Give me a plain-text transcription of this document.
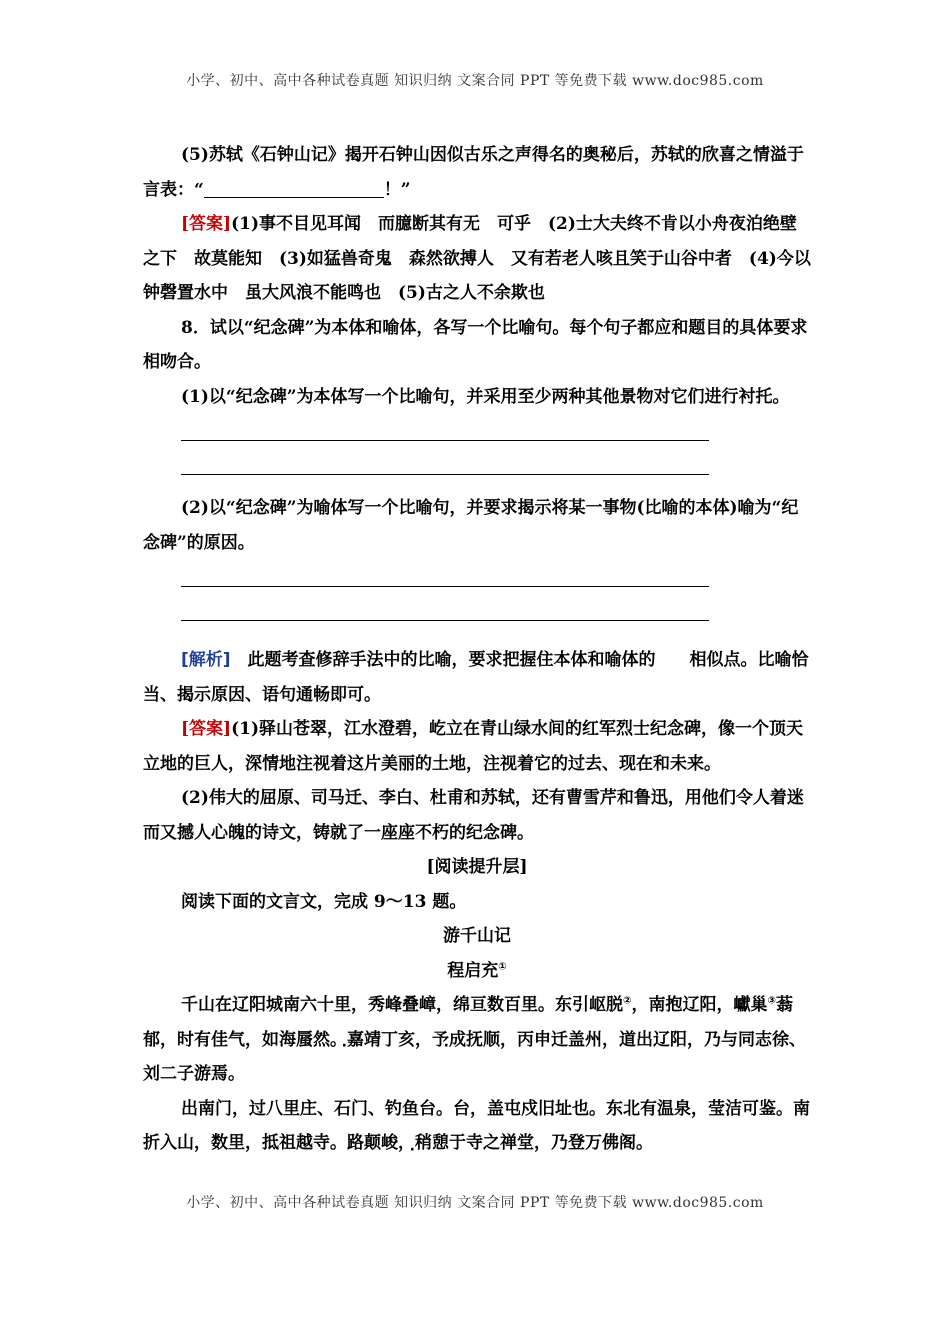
小学、初中、高中各种试卷真题 知识归纳 文案合同 PPT 等免费下载 www.doc985.com

(5)苏轼《石钟山记》揭开石钟山因似古乐之声得名的奥秘后，苏轼的欣喜之情溢于言表：“	！”

[答案](1)事不目见耳闻　而臆断其有无　可乎　(2)士大夫终不肯以小舟夜泊绝壁之下　故莫能知　(3)如猛兽奇鬼　森然欲搏人　又有若老人咳且笑于山谷中者　(4)今以钟磬置水中　虽大风浪不能鸣也　(5)古之人不余欺也

8．试以“纪念碑”为本体和喻体，各写一个比喻句。每个句子都应和题目的具体要求相吻合。

(1)以“纪念碑”为本体写一个比喻句，并采用至少两种其他景物对它们进行衬托。

(2)以“纪念碑”为喻体写一个比喻句，并要求揭示将某一事物(比喻的本体)喻为“纪念碑”的原因。

[解析]　 此题考查修辞手法中的比喻，要求把握住本体和喻体的　　相似点。比喻恰当、揭示原因、语句通畅即可。

[答案](1)驿山苍翠，江水澄碧，屹立在青山绿水间的红军烈士纪念碑，像一个顶天立地的巨人，深情地注视着这片美丽的土地，注视着它的过去、现在和未来。

(2)伟大的屈原、司马迁、李白、杜甫和苏轼，还有曹雪芹和鲁迅，用他们令人着迷而又撼人心魄的诗文，铸就了一座座不朽的纪念碑。

[阅读提升层]

阅读下面的文言文，完成 9～13 题。

游千山记

程启充①

千山在辽阳城南六十里，秀峰叠嶂，绵亘数百里。东引岖脱②，南抱辽阳，巘巢③蓊郁，时有佳气，如海蜃 ·然。嘉靖丁亥 ·，予成抚顺，丙申迁盖州，道出辽阳，乃与同志徐、刘二子游焉。

出南门，过八里庄、石门、钓鱼台。台，盖屯 ·戍旧址也。东北有温泉，莹洁可鉴。南折入山，数里，抵祖越寺。路颠 ·峻，稍憩于寺之禅堂，乃登万佛阁。

小学、初中、高中各种试卷真题 知识归纳 文案合同 PPT 等免费下载 www.doc985.com
